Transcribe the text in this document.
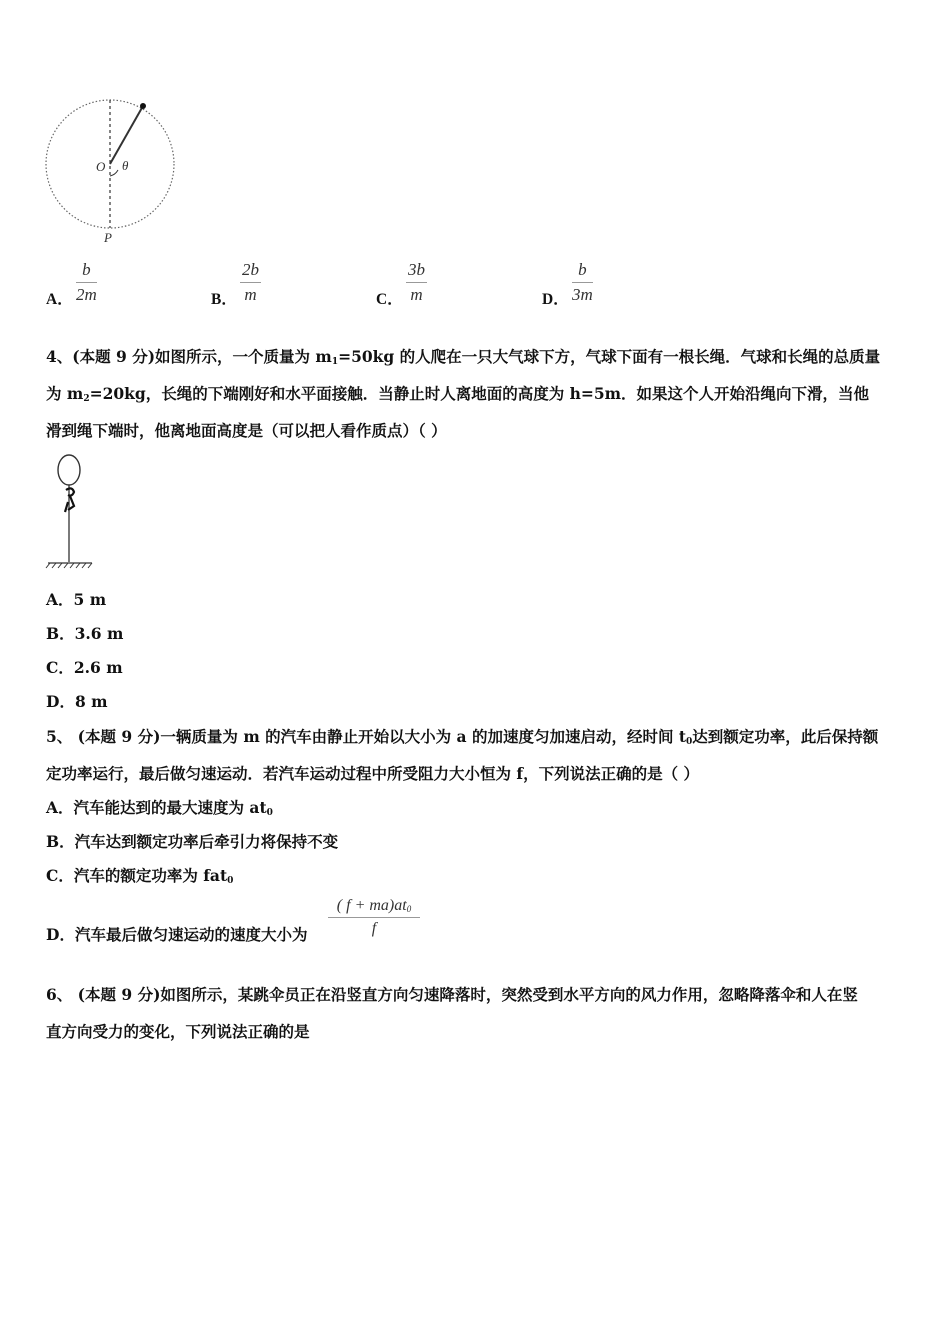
O θ
P
A．
b
2m	B．
2b
m	C．
3b
m	D．
b
3m
4、(本题 9 分)如图所示，一个质量为 $m_1=50kg$ 的人爬在一只大气球下方，气球下面有一根长绳．气球和长绳的总质量
为 $m_2=20kg$，长绳的下端刚好和水平面接触．当静止时人离地面的高度为 h=5m．如果这个人开始沿绳向下滑，当他
滑到绳下端时，他离地面高度是（可以把人看作质点）（ ）
A．5 m
B．3.6 m
C．2.6 m
D．8 m
5、 (本题 9 分)一辆质量为 m 的汽车由静止开始以大小为 a 的加速度匀加速启动，经时间 $t_0$达到额定功率，此后保持额
定功率运行，最后做匀速运动．若汽车运动过程中所受阻力大小恒为 f，下列说法正确的是（ ）
A．汽车能达到的最大速度为 $at_0$
B．汽车达到额定功率后牵引力将保持不变
C．汽车的额定功率为 fat$_0$
D．汽车最后做匀速运动的速度大小为
( $f + ma)at_0$
f
6、 (本题 9 分)如图所示，某跳伞员正在沿竖直方向匀速降落时，突然受到水平方向的风力作用，忽略降落伞和人在竖
直方向受力的变化，下列说法正确的是
